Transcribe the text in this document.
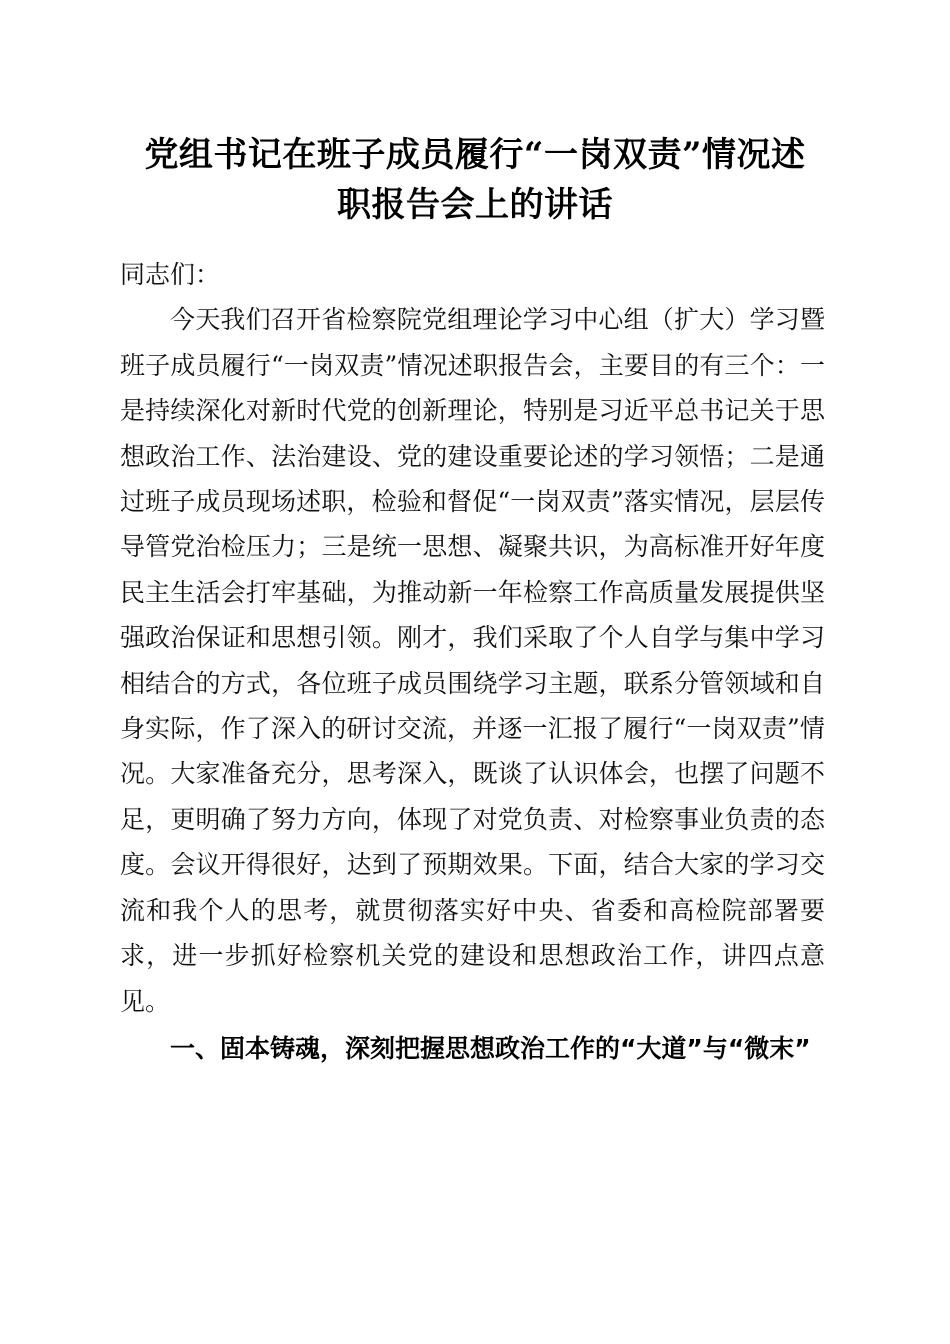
党组书记在班子成员履行“一岗双责”情况述
职报告会上的讲话

同志们：

今天我们召开省检察院党组理论学习中心组（扩大）学习暨班子成员履行“一岗双责”情况述职报告会，主要目的有三个：一是持续深化对新时代党的创新理论，特别是习近平总书记关于思想政治工作、法治建设、党的建设重要论述的学习领悟；二是通过班子成员现场述职，检验和督促“一岗双责”落实情况，层层传导管党治检压力；三是统一思想、凝聚共识，为高标准开好年度民主生活会打牢基础，为推动新一年检察工作高质量发展提供坚强政治保证和思想引领。刚才，我们采取了个人自学与集中学习相结合的方式，各位班子成员围绕学习主题，联系分管领域和自身实际，作了深入的研讨交流，并逐一汇报了履行“一岗双责”情况。大家准备充分，思考深入，既谈了认识体会，也摆了问题不足，更明确了努力方向，体现了对党负责、对检察事业负责的态度。会议开得很好，达到了预期效果。下面，结合大家的学习交流和我个人的思考，就贯彻落实好中央、省委和高检院部署要求，进一步抓好检察机关党的建设和思想政治工作，讲四点意见。

一、固本铸魂，深刻把握思想政治工作的“大道”与“微末”
